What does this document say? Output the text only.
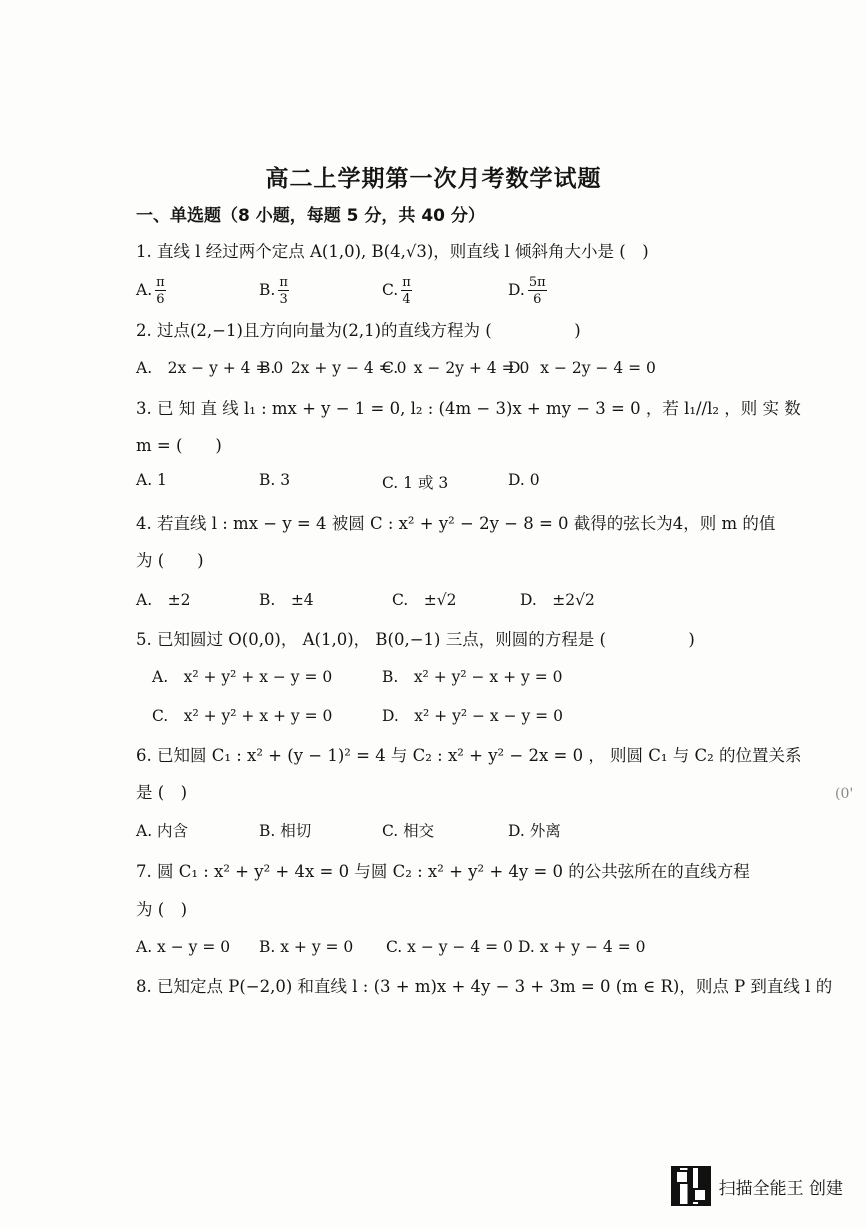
高二上学期第一次月考数学试题
一、单选题（8 小题，每题 5 分，共 40 分）
1. 直线 l 经过两个定点 A(1,0), B(4,√3)，则直线 l 倾斜角大小是 (　)
A. $\frac{\pi}{6}$	B. $\frac{\pi}{3}$	C. $\frac{\pi}{4}$	D. $\frac{5\pi}{6}$
2. 过点(2,−1)且方向向量为(2,1)的直线方程为 (　　　　　)
A.　2x − y + 4 = 0
B.　2x + y − 4 = 0
C.　x − 2y + 4 = 0
D.　x − 2y − 4 = 0
3. 已 知 直 线 l₁ : mx + y − 1 = 0, l₂ : (4m − 3)x + my − 3 = 0 ，若 l₁//l₂ ，则 实 数
m = (　　)
A. 1	B. 3	C. 1 或 3	D. 0
4. 若直线 l : mx − y = 4 被圆 C : x² + y² − 2y − 8 = 0 截得的弦长为4，则 m 的值
为 (　　)
A.　±2	B.　±4	C.　±√2	D.　±2√2
5. 已知圆过 O(0,0)， A(1,0)， B(0,−1) 三点，则圆的方程是 (　　　　　)
A.　x² + y² + x − y = 0	B.　x² + y² − x + y = 0
C.　x² + y² + x + y = 0	D.　x² + y² − x − y = 0
6. 已知圆 C₁ : x² + (y − 1)² = 4 与 C₂ : x² + y² − 2x = 0 ， 则圆 C₁ 与 C₂ 的位置关系
是 (　)
A. 内含	B. 相切	C. 相交	D. 外离
7. 圆 C₁ : x² + y² + 4x = 0 与圆 C₂ : x² + y² + 4y = 0 的公共弦所在的直线方程
为 (　)
A. x − y = 0 B. x + y = 0 C. x − y − 4 = 0 D. x + y − 4 = 0
8. 已知定点 P(−2,0) 和直线 l : (3 + m)x + 4y − 3 + 3m = 0 (m ∈ R)，则点 P 到直线 l 的
(0'
扫描全能王 创建
